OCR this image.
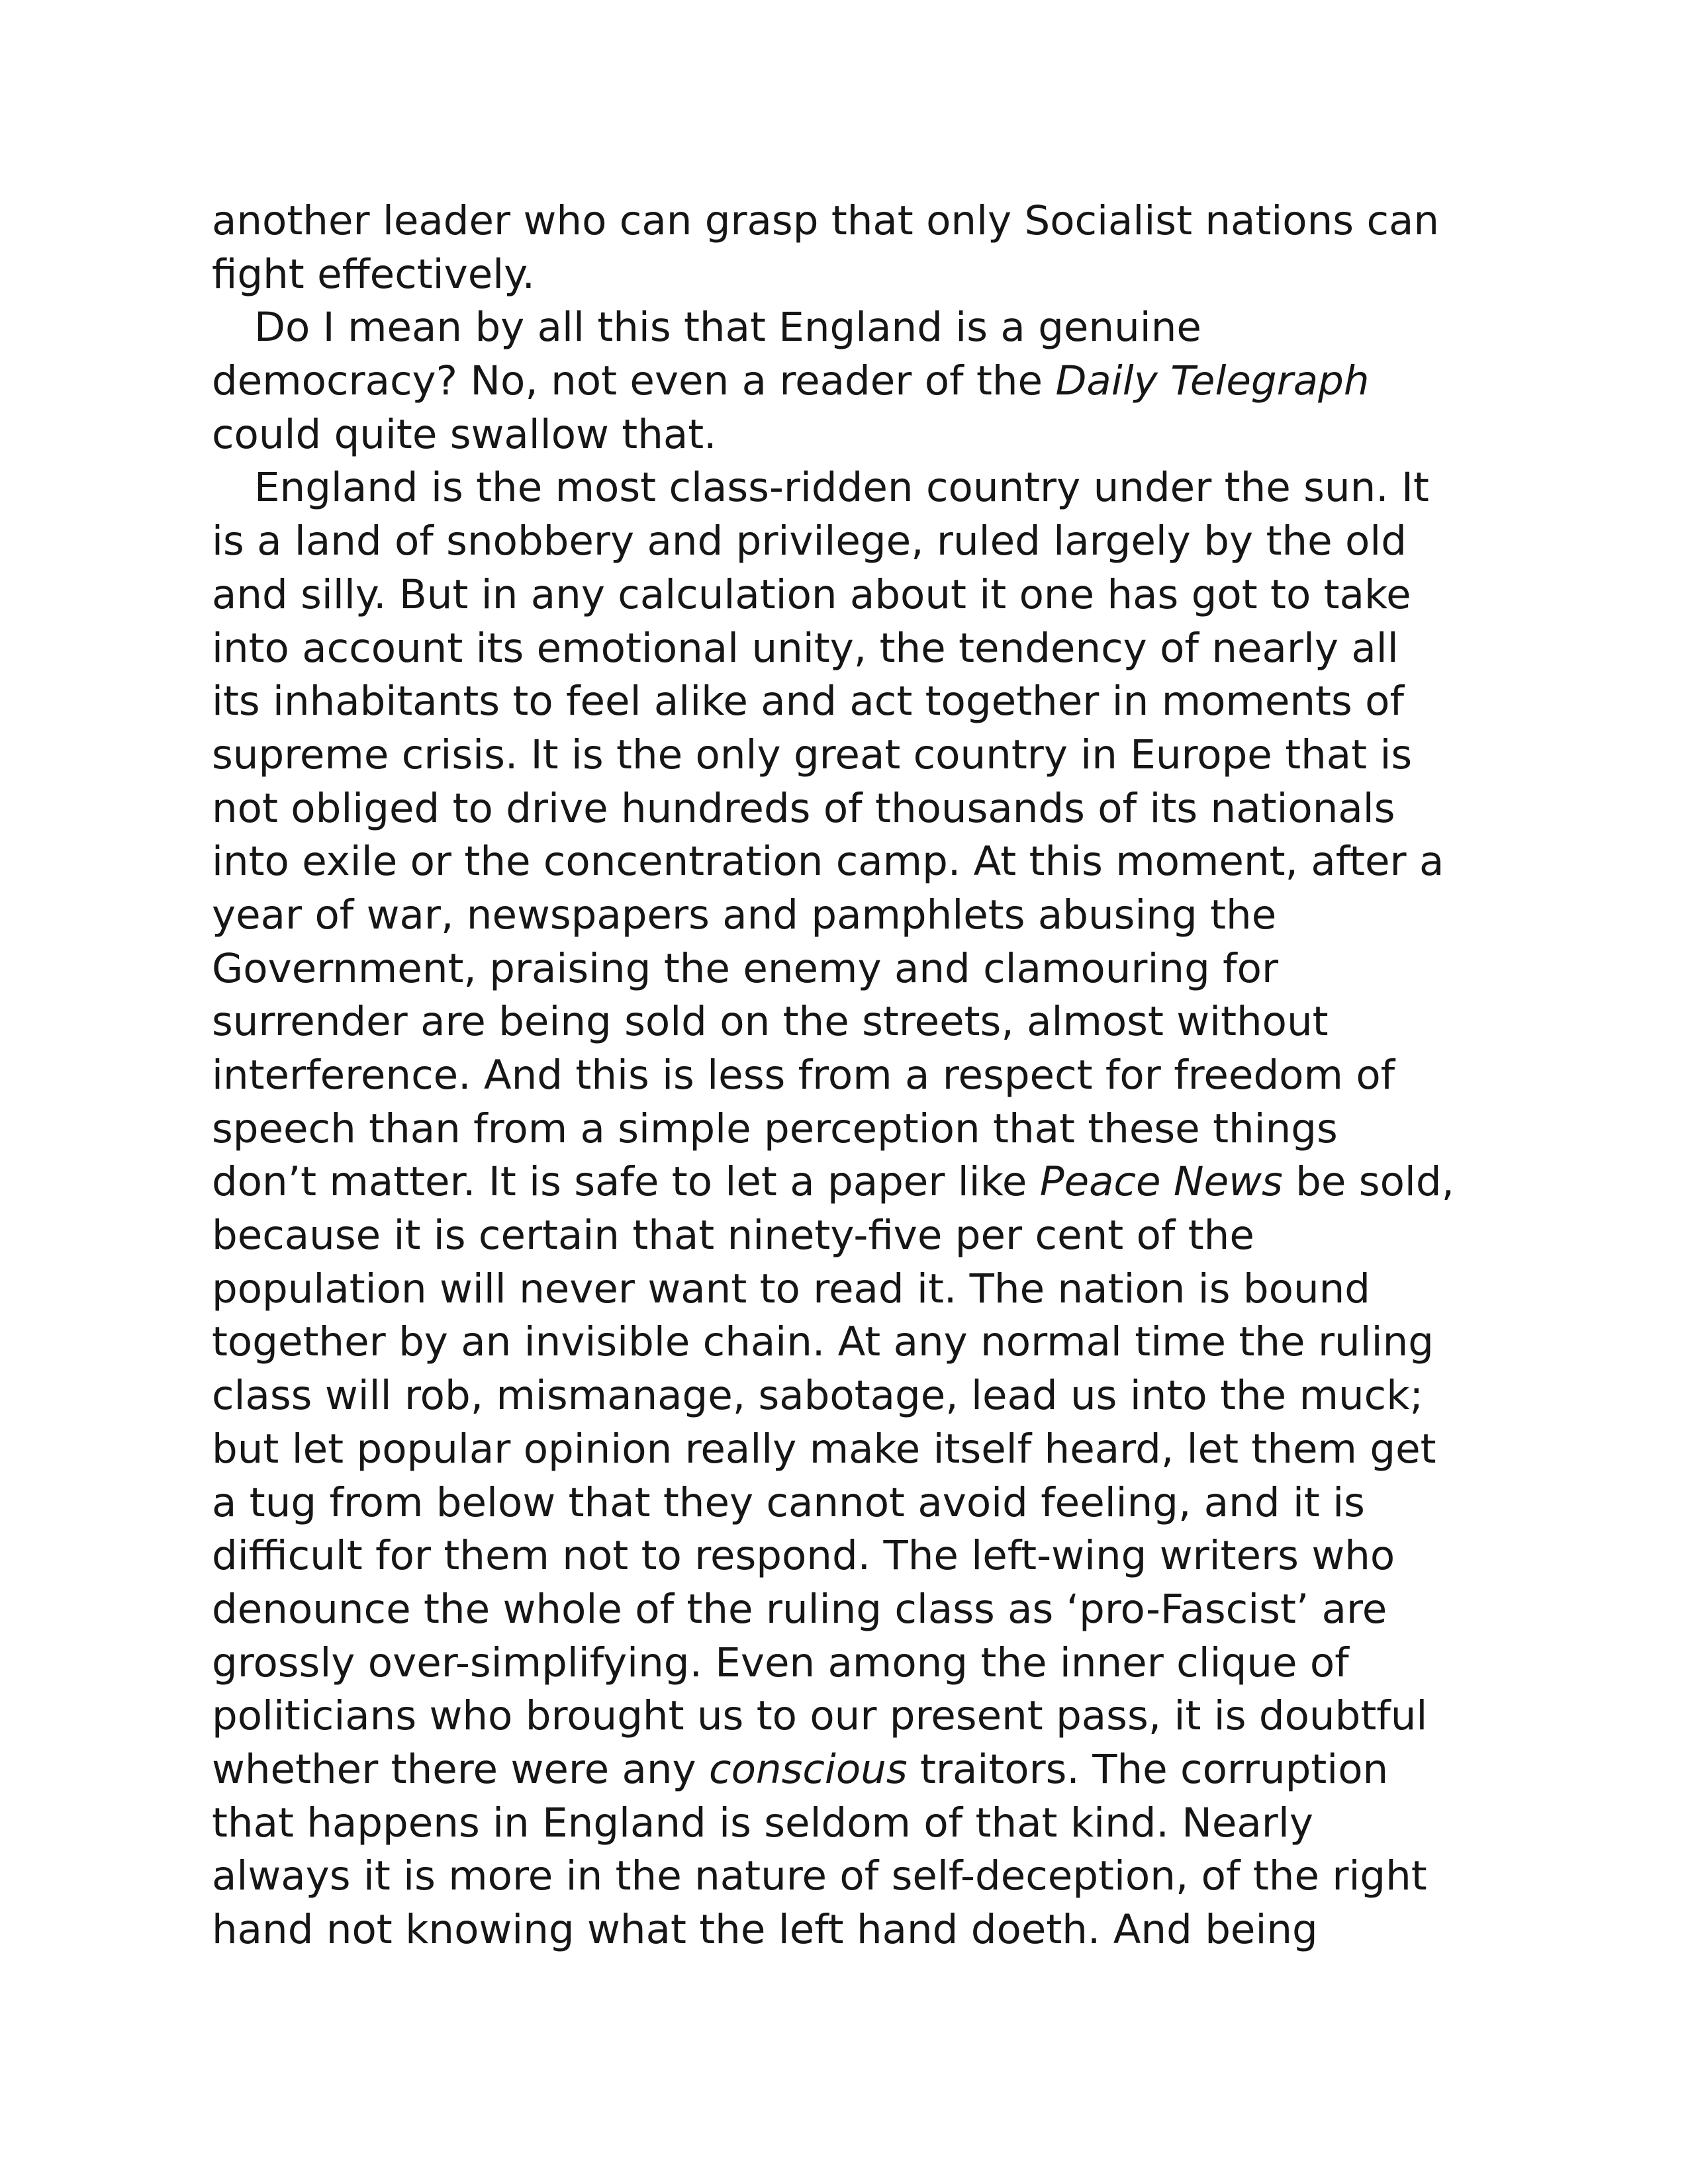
another leader who can grasp that only Socialist nations can
fight effectively.
Do I mean by all this that England is a genuine
democracy? No, not even a reader of the Daily Telegraph
could quite swallow that.
England is the most class-ridden country under the sun. It
is a land of snobbery and privilege, ruled largely by the old
and silly. But in any calculation about it one has got to take
into account its emotional unity, the tendency of nearly all
its inhabitants to feel alike and act together in moments of
supreme crisis. It is the only great country in Europe that is
not obliged to drive hundreds of thousands of its nationals
into exile or the concentration camp. At this moment, after a
year of war, newspapers and pamphlets abusing the
Government, praising the enemy and clamouring for
surrender are being sold on the streets, almost without
interference. And this is less from a respect for freedom of
speech than from a simple perception that these things
don’t matter. It is safe to let a paper like Peace News be sold,
because it is certain that ninety-five per cent of the
population will never want to read it. The nation is bound
together by an invisible chain. At any normal time the ruling
class will rob, mismanage, sabotage, lead us into the muck;
but let popular opinion really make itself heard, let them get
a tug from below that they cannot avoid feeling, and it is
difficult for them not to respond. The left-wing writers who
denounce the whole of the ruling class as ‘pro-Fascist’ are
grossly over-simplifying. Even among the inner clique of
politicians who brought us to our present pass, it is doubtful
whether there were any conscious traitors. The corruption
that happens in England is seldom of that kind. Nearly
always it is more in the nature of self-deception, of the right
hand not knowing what the left hand doeth. And being
